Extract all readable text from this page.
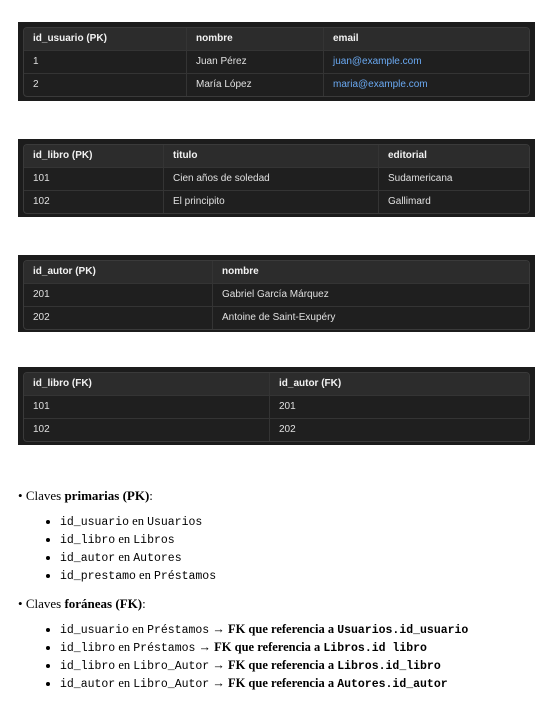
id_usuario (PK)	nombre	email
1	Juan Pérez	juan@example.com
2	María López	maria@example.com
id_libro (PK)	titulo	editorial
101	Cien años de soledad	Sudamericana
102	El principito	Gallimard
id_autor (PK)	nombre
201	Gabriel García Márquez
202	Antoine de Saint-Exupéry
id_libro (FK)	id_autor (FK)
101	201
102	202
• Claves primarias (PK):
• id_usuario en Usuarios
• id_libro en Libros
• id_autor en Autores
• id_prestamo en Préstamos
• Claves foráneas (FK):
• id_usuario en Préstamos → FK que referencia a Usuarios.id_usuario
• id_libro en Préstamos → FK que referencia a Libros.id libro
• id_libro en Libro_Autor → FK que referencia a Libros.id_libro
• id_autor en Libro_Autor → FK que referencia a Autores.id_autor
